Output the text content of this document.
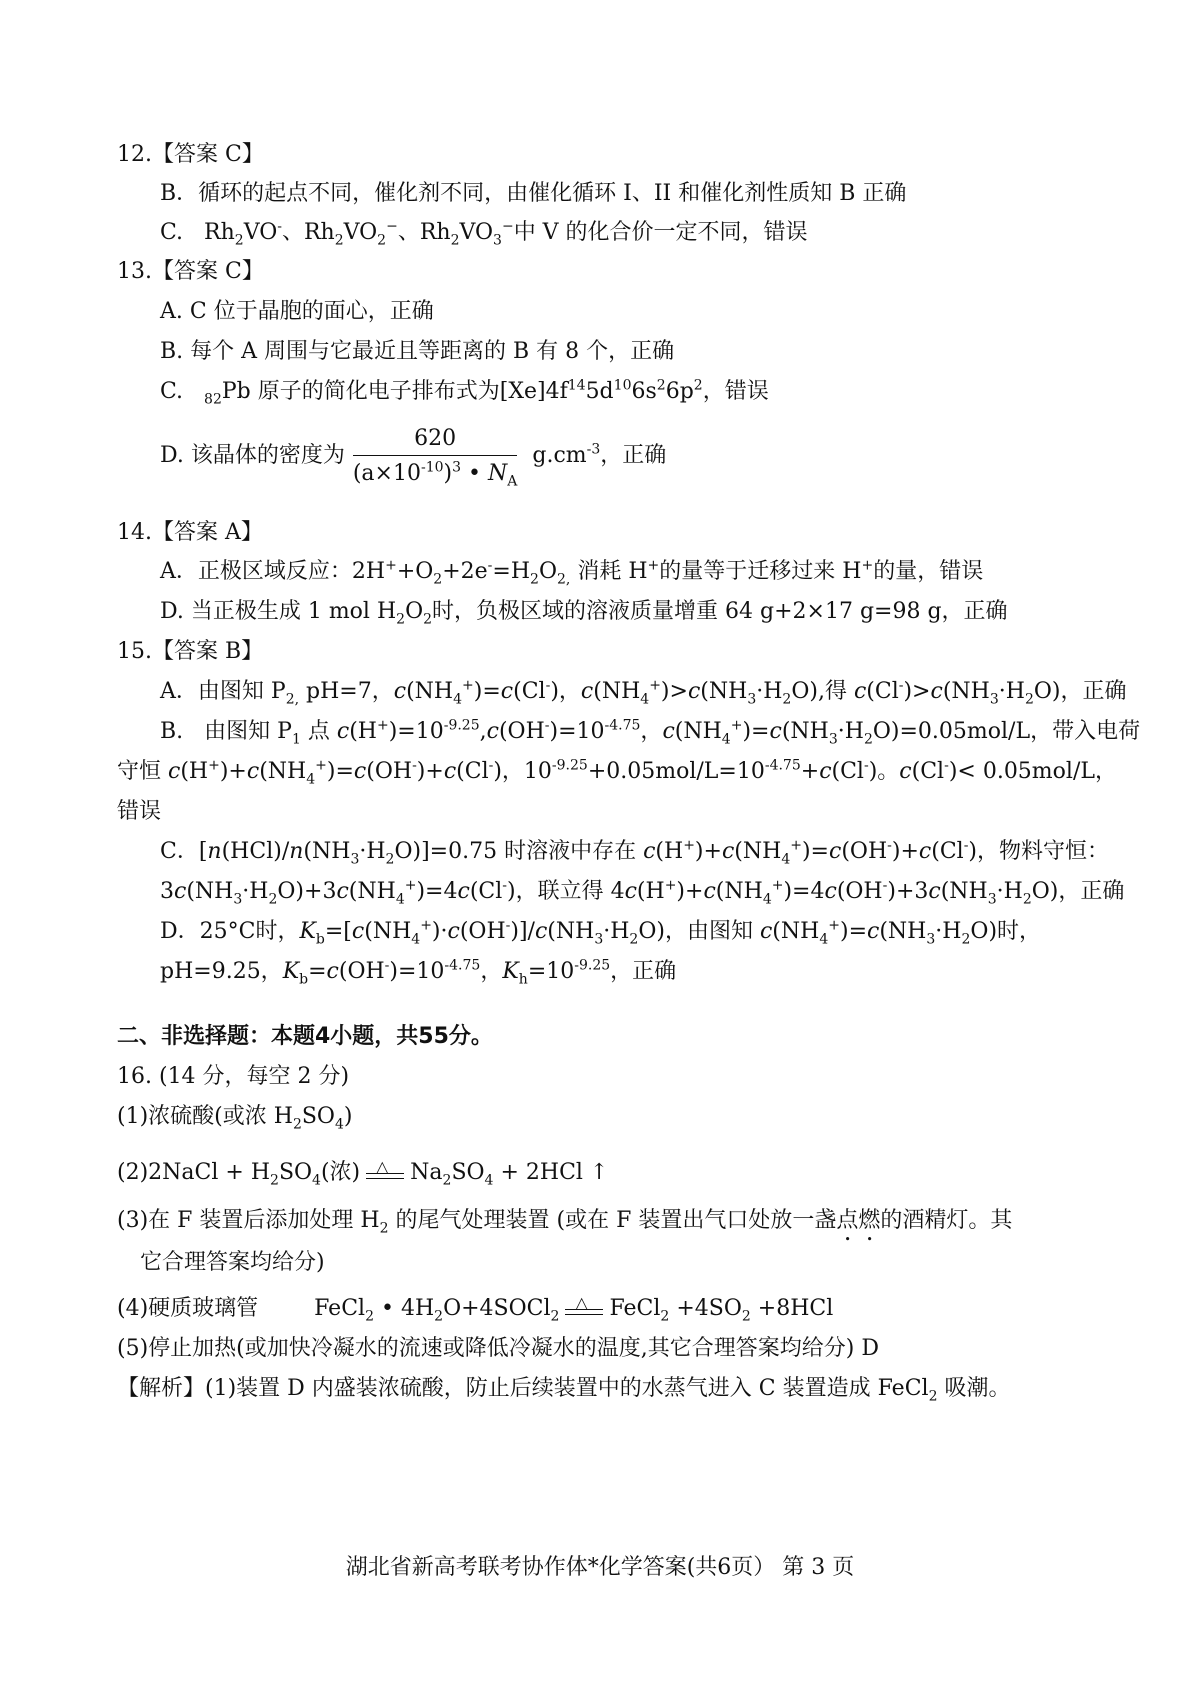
12.【答案 C】
B．循环的起点不同，催化剂不同，由催化循环 I、II 和催化剂性质知 B 正确
C.   $Rh_2VO^-$、$Rh_2VO_2^-$、$Rh_2VO_3^-$中 V 的化合价一定不同，错误
13.【答案 C】
A. C 位于晶胞的面心，正确
B. 每个 A 周围与它最近且等距离的 B 有 8 个，正确
C. $_{82}$Pb 原子的简化电子排布式为$[Xe]4f^{14}5d^{10}6s^26p^2$，错误
D. 该晶体的密度为 $\frac{620}{(a\times 10^{-10})^3 • N_A} g.cm^{-3}$，正确
14.【答案 A】
A．正极区域反应：$2H^++O_2+2e^-=H_2O_{2,}$ 消耗 H+的量等于迁移过来 H+的量，错误
D. 当正极生成 1 mol $H_2O_2$时，负极区域的溶液质量增重 64 g+2×17 g=98 g，正确
15.【答案 B】
A．由图知 $P_{2,}$ pH=7，$c(NH_4^+)=c(Cl^-)$，$c(NH_4^+)>c(NH_3\cdot H_2O)$,得 $c(Cl^-)>c(NH_3\cdot H_2O)$，正确
B.   由图知 $P_1$ 点 $c(H^+)=10^{-9.25},c(OH^-)=10^{-4.75}$，$c(NH_4^+)=c(NH_3\cdot H_2O)=0.05mol/L$，带入电荷
守恒 $c(H^+)+c(NH_4^+)=c(OH^-)+c(Cl^-)$，$10^{-9.25}+0.05mol/L=10^{-4.75}+c(Cl^-)$。c(Cl-)< 0.05mol/L，
错误
C．$[n(HCl)/n(NH_3\cdot H_2O)]=0.75$ 时溶液中存在 $c(H^+)+c(NH_4^+)=c(OH^-)+c(Cl^-)$，物料守恒：
$3c(NH_3\cdot H_2O)+3c(NH_4^+)=4c(Cl^-)$，联立得 $4c(H^+)+c(NH_4^+)=4c(OH^-)+3c(NH_3\cdot H_2O)$，正确
D．25°C时，$K_b=[c(NH_4^+)\cdot c(OH^-)]/c(NH_3\cdot H_2O)$，由图知 $c(NH_4^+)=c(NH_3\cdot H_2O)$时，
pH=9.25，$K_b=c(OH^-)=10^{-4.75}$，$K_h=10^{-9.25}$，正确
二、非选择题：本题4小题，共55分。
16. (14 分，每空 2 分)
(1)浓硫酸(或浓 $H_2SO_4$)
(2)2NaCl + $H_2SO_4$(浓) △ $Na_2SO_4 + 2HCl$ ↑
(3)在 F 装置后添加处理 $H_2$ 的尾气处理装置 (或在 F 装置出气口处放一盏点燃的酒精灯。其
它合理答案均给分)
(4)硬质玻璃管        FeCl$_2$ • $4H_2O+4SOCl_2$
△ FeCl$_2$ $+4SO_2 +8HCl$
(5)停止加热(或加快冷凝水的流速或降低冷凝水的温度,其它合理答案均给分) D
【解析】(1)装置 D 内盛装浓硫酸，防止后续装置中的水蒸气进入 C 装置造成 FeCl$_2$ 吸潮。
湖北省新高考联考协作体*化学答案(共6页） 第 3 页
